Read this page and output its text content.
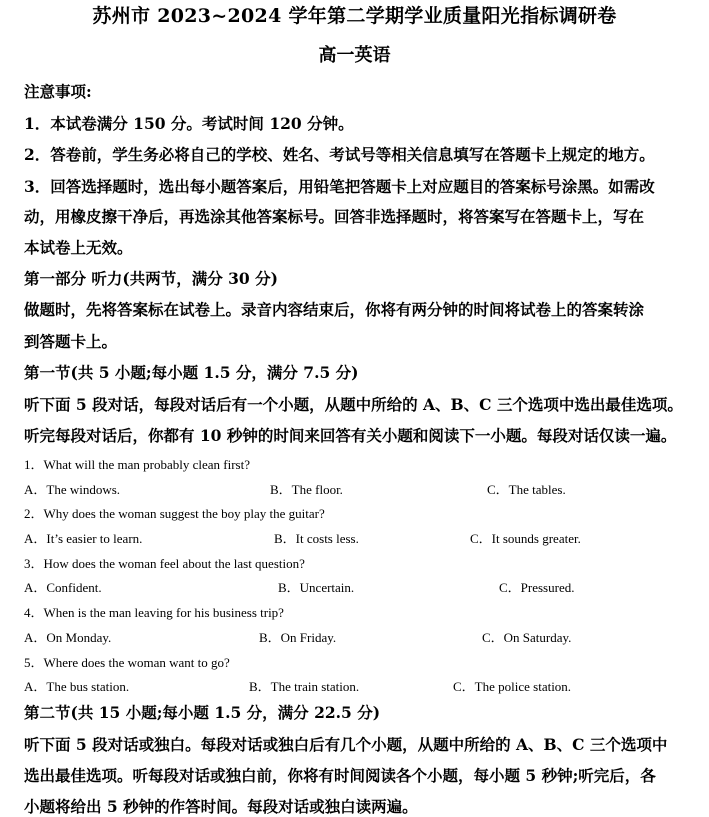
苏州市 2023~2024 学年第二学期学业质量阳光指标调研卷
高一英语
注意事项:
1．本试卷满分 150 分。考试时间 120 分钟。
2．答卷前，学生务必将自己的学校、姓名、考试号等相关信息填写在答题卡上规定的地方。
3．回答选择题时，选出每小题答案后，用铅笔把答题卡上对应题目的答案标号涂黑。如需改
动，用橡皮擦干净后，再选涂其他答案标号。回答非选择题时，将答案写在答题卡上，写在
本试卷上无效。
第一部分 听力(共两节，满分 30 分)
做题时，先将答案标在试卷上。录音内容结束后，你将有两分钟的时间将试卷上的答案转涂
到答题卡上。
第一节(共 5 小题;每小题 1.5 分，满分 7.5 分)
听下面 5 段对话，每段对话后有一个小题，从题中所给的 A、B、C 三个选项中选出最佳选项。
听完每段对话后，你都有 10 秒钟的时间来回答有关小题和阅读下一小题。每段对话仅读一遍。
1．What will the man probably clean first?
A．The windows.	B．The floor.	C．The tables.
2．Why does the woman suggest the boy play the guitar?
A．It’s easier to learn.	B．It costs less.	C．It sounds greater.
3．How does the woman feel about the last question?
A．Confident.	B．Uncertain.	C．Pressured.
4．When is the man leaving for his business trip?
A．On Monday.	B．On Friday.	C．On Saturday.
5．Where does the woman want to go?
A．The bus station.	B．The train station.	C．The police station.
第二节(共 15 小题;每小题 1.5 分，满分 22.5 分)
听下面 5 段对话或独白。每段对话或独白后有几个小题，从题中所给的 A、B、C 三个选项中
选出最佳选项。听每段对话或独白前，你将有时间阅读各个小题，每小题 5 秒钟;听完后，各
小题将给出 5 秒钟的作答时间。每段对话或独白读两遍。
